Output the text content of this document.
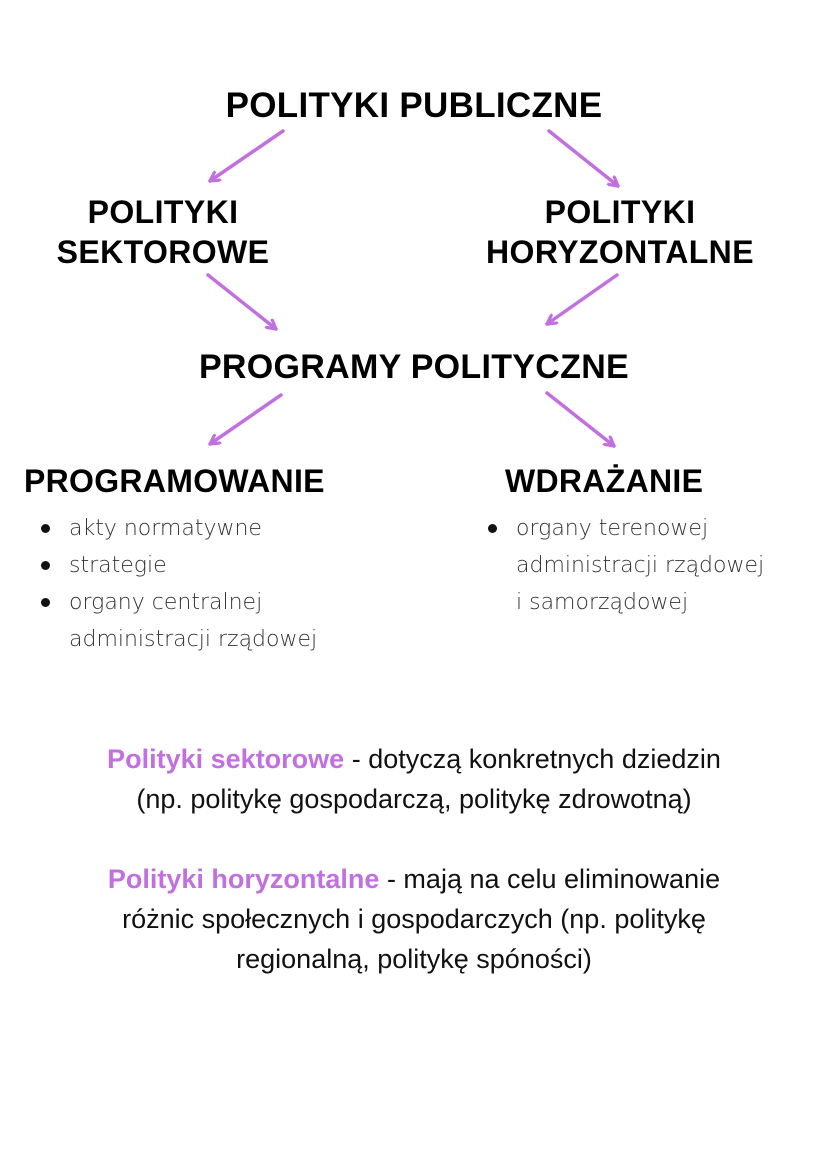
POLITYKI PUBLICZNE
POLITYKI
SEKTOROWE
POLITYKI
HORYZONTALNE
PROGRAMY POLITYCZNE
PROGRAMOWANIE	WDRAŻANIE
akty normatywne
strategie
organy centralnej
administracji rządowej
organy terenowej
administracji rządowej
i samorządowej
Polityki sektorowe - dotyczą konkretnych dziedzin
(np. politykę gospodarczą, politykę zdrowotną)
Polityki horyzontalne - mają na celu eliminowanie
różnic społecznych i gospodarczych (np. politykę
regionalną, politykę spóności)
